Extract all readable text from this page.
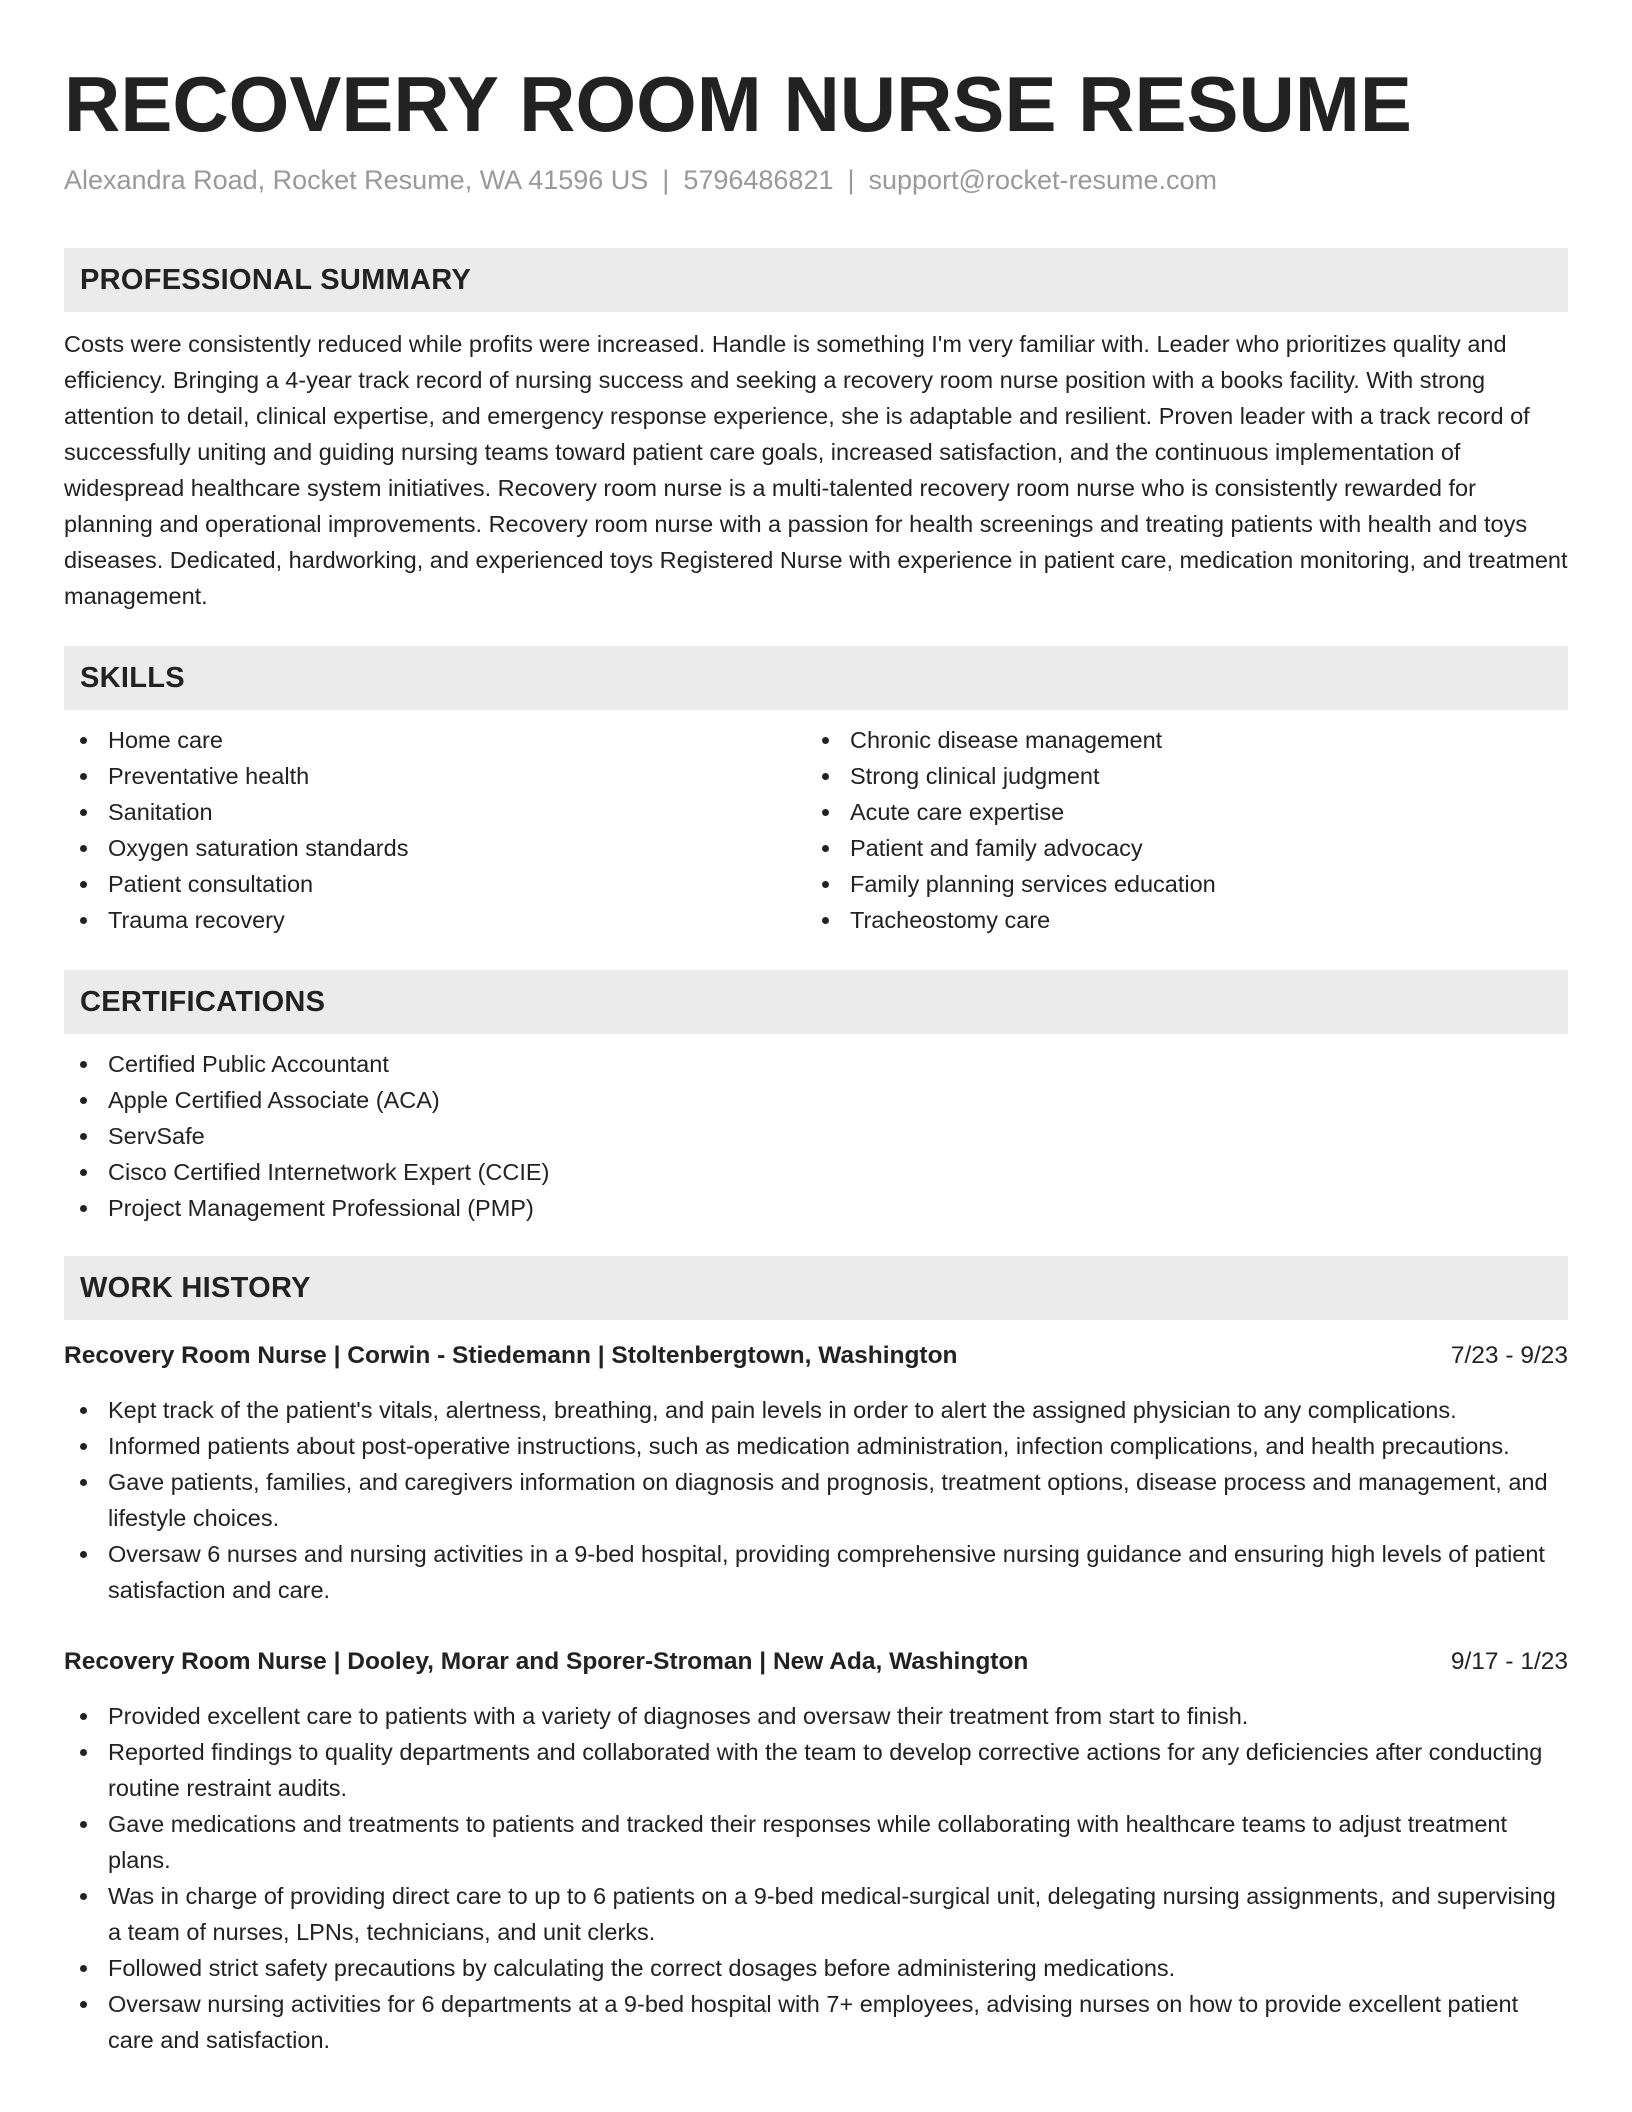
RECOVERY ROOM NURSE RESUME
Alexandra Road, Rocket Resume, WA 41596 US | 5796486821 | support@rocket-resume.com
PROFESSIONAL SUMMARY

Costs were consistently reduced while profits were increased. Handle is something I'm very familiar with. Leader who prioritizes quality and efficiency. Bringing a 4-year track record of nursing success and seeking a recovery room nurse position with a books facility. With strong attention to detail, clinical expertise, and emergency response experience, she is adaptable and resilient. Proven leader with a track record of successfully uniting and guiding nursing teams toward patient care goals, increased satisfaction, and the continuous implementation of widespread healthcare system initiatives. Recovery room nurse is a multi-talented recovery room nurse who is consistently rewarded for planning and operational improvements. Recovery room nurse with a passion for health screenings and treating patients with health and toys diseases. Dedicated, hardworking, and experienced toys Registered Nurse with experience in patient care, medication monitoring, and treatment management.

SKILLS
Home care
Preventative health
Sanitation
Oxygen saturation standards
Patient consultation
Trauma recovery
Chronic disease management
Strong clinical judgment
Acute care expertise
Patient and family advocacy
Family planning services education
Tracheostomy care
CERTIFICATIONS
Certified Public Accountant
Apple Certified Associate (ACA)
ServSafe
Cisco Certified Internetwork Expert (CCIE)
Project Management Professional (PMP)
WORK HISTORY
Recovery Room Nurse | Corwin - Stiedemann | Stoltenbergtown, Washington	7/23 - 9/23
Kept track of the patient's vitals, alertness, breathing, and pain levels in order to alert the assigned physician to any complications.
Informed patients about post-operative instructions, such as medication administration, infection complications, and health precautions.
Gave patients, families, and caregivers information on diagnosis and prognosis, treatment options, disease process and management, and lifestyle choices.
Oversaw 6 nurses and nursing activities in a 9-bed hospital, providing comprehensive nursing guidance and ensuring high levels of patient satisfaction and care.
Recovery Room Nurse | Dooley, Morar and Sporer-Stroman | New Ada, Washington	9/17 - 1/23
Provided excellent care to patients with a variety of diagnoses and oversaw their treatment from start to finish.
Reported findings to quality departments and collaborated with the team to develop corrective actions for any deficiencies after conducting routine restraint audits.
Gave medications and treatments to patients and tracked their responses while collaborating with healthcare teams to adjust treatment plans.
Was in charge of providing direct care to up to 6 patients on a 9-bed medical-surgical unit, delegating nursing assignments, and supervising a team of nurses, LPNs, technicians, and unit clerks.
Followed strict safety precautions by calculating the correct dosages before administering medications.
Oversaw nursing activities for 6 departments at a 9-bed hospital with 7+ employees, advising nurses on how to provide excellent patient care and satisfaction.
